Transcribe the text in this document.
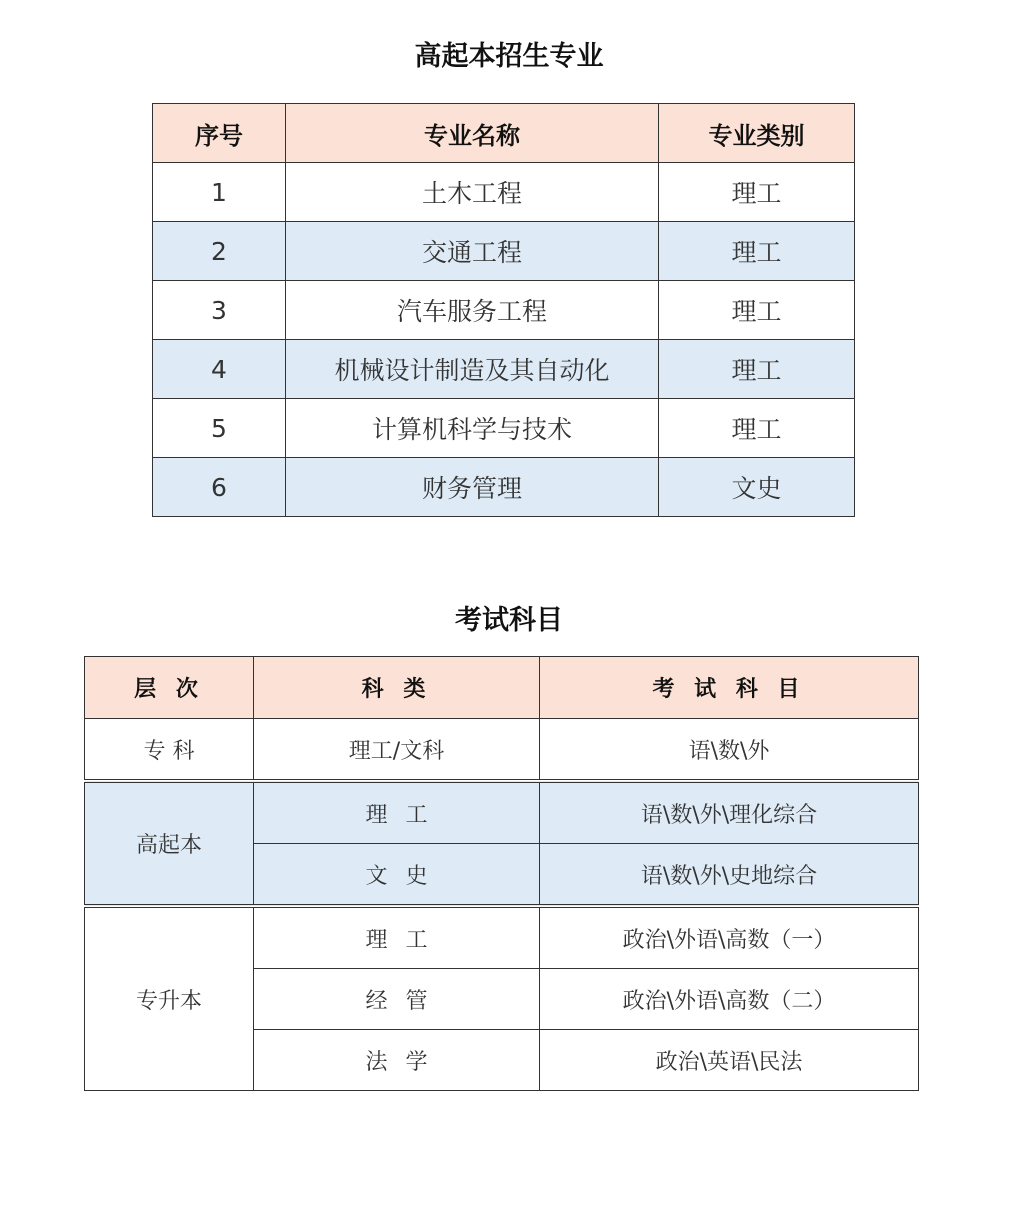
高起本招生专业
序号	专业名称	专业类别
1	土木工程	理工
2	交通工程	理工
3	汽车服务工程	理工
4	机械设计制造及其自动化	理工
5	计算机科学与技术	理工
6	财务管理	文史
考试科目
层 次	科 类	考 试 科 目
专 科	理工/文科	语\数\外
高起本	理工	语\数\外\理化综合
	文史	语\数\外\史地综合
专升本	理工	政治\外语\高数（一）
	经管	政治\外语\高数（二）
	法学	政治\英语\民法
